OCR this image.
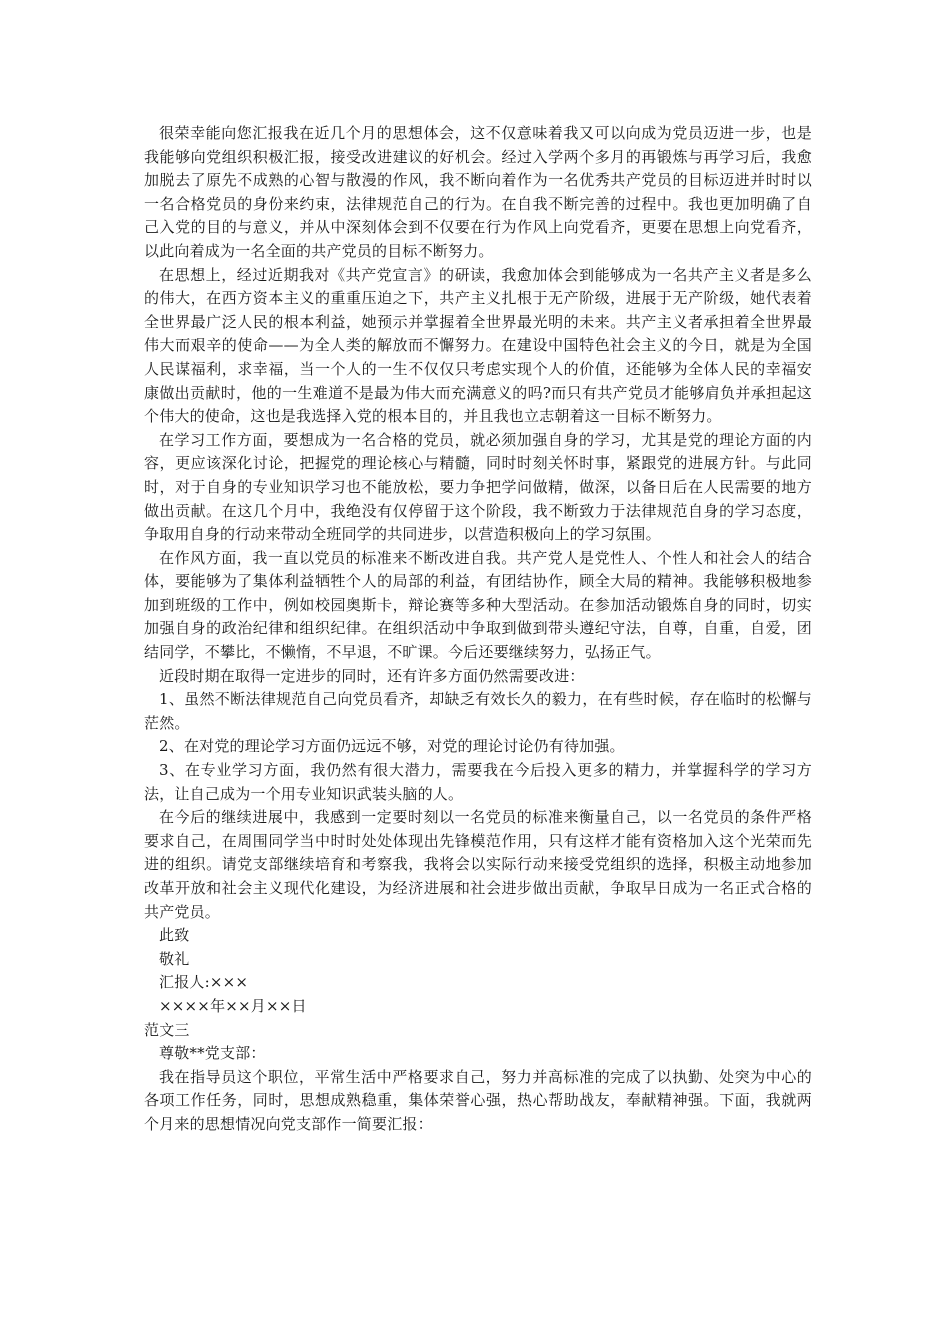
很荣幸能向您汇报我在近几个月的思想体会，这不仅意味着我又可以向成为党员迈进一步，也是我能够向党组织积极汇报，接受改进建议的好机会。经过入学两个多月的再锻炼与再学习后，我愈加脱去了原先不成熟的心智与散漫的作风，我不断向着作为一名优秀共产党员的目标迈进并时时以一名合格党员的身份来约束，法律规范自己的行为。在自我不断完善的过程中。我也更加明确了自己入党的目的与意义，并从中深刻体会到不仅要在行为作风上向党看齐，更要在思想上向党看齐，以此向着成为一名全面的共产党员的目标不断努力。

在思想上，经过近期我对《共产党宣言》的研读，我愈加体会到能够成为一名共产主义者是多么的伟大，在西方资本主义的重重压迫之下，共产主义扎根于无产阶级，进展于无产阶级，她代表着全世界最广泛人民的根本利益，她预示并掌握着全世界最光明的未来。共产主义者承担着全世界最伟大而艰辛的使命——为全人类的解放而不懈努力。在建设中国特色社会主义的今日，就是为全国人民谋福利，求幸福，当一个人的一生不仅仅只考虑实现个人的价值，还能够为全体人民的幸福安康做出贡献时，他的一生难道不是最为伟大而充满意义的吗?而只有共产党员才能够肩负并承担起这个伟大的使命，这也是我选择入党的根本目的，并且我也立志朝着这一目标不断努力。

在学习工作方面，要想成为一名合格的党员，就必须加强自身的学习，尤其是党的理论方面的内容，更应该深化讨论，把握党的理论核心与精髓，同时时刻关怀时事，紧跟党的进展方针。与此同时，对于自身的专业知识学习也不能放松，要力争把学问做精，做深，以备日后在人民需要的地方做出贡献。在这几个月中，我绝没有仅停留于这个阶段，我不断致力于法律规范自身的学习态度，争取用自身的行动来带动全班同学的共同进步，以营造积极向上的学习氛围。

在作风方面，我一直以党员的标准来不断改进自我。共产党人是党性人、个性人和社会人的结合体，要能够为了集体利益牺牲个人的局部的利益，有团结协作，顾全大局的精神。我能够积极地参加到班级的工作中，例如校园奥斯卡，辩论赛等多种大型活动。在参加活动锻炼自身的同时，切实加强自身的政治纪律和组织纪律。在组织活动中争取到做到带头遵纪守法，自尊，自重，自爱，团结同学，不攀比，不懒惰，不早退，不旷课。今后还要继续努力，弘扬正气。

近段时期在取得一定进步的同时，还有许多方面仍然需要改进：

1、虽然不断法律规范自己向党员看齐，却缺乏有效长久的毅力，在有些时候，存在临时的松懈与茫然。

2、在对党的理论学习方面仍远远不够，对党的理论讨论仍有待加强。

3、在专业学习方面，我仍然有很大潜力，需要我在今后投入更多的精力，并掌握科学的学习方法，让自己成为一个用专业知识武装头脑的人。

在今后的继续进展中，我感到一定要时刻以一名党员的标准来衡量自己，以一名党员的条件严格要求自己，在周围同学当中时时处处体现出先锋模范作用，只有这样才能有资格加入这个光荣而先进的组织。请党支部继续培育和考察我，我将会以实际行动来接受党组织的选择，积极主动地参加改革开放和社会主义现代化建设，为经济进展和社会进步做出贡献，争取早日成为一名正式合格的共产党员。

此致

敬礼

汇报人:×××

××××年××月××日

范文三

尊敬**党支部：

我在指导员这个职位，平常生活中严格要求自己，努力并高标准的完成了以执勤、处突为中心的各项工作任务，同时，思想成熟稳重，集体荣誉心强，热心帮助战友，奉献精神强。下面，我就两个月来的思想情况向党支部作一简要汇报：
